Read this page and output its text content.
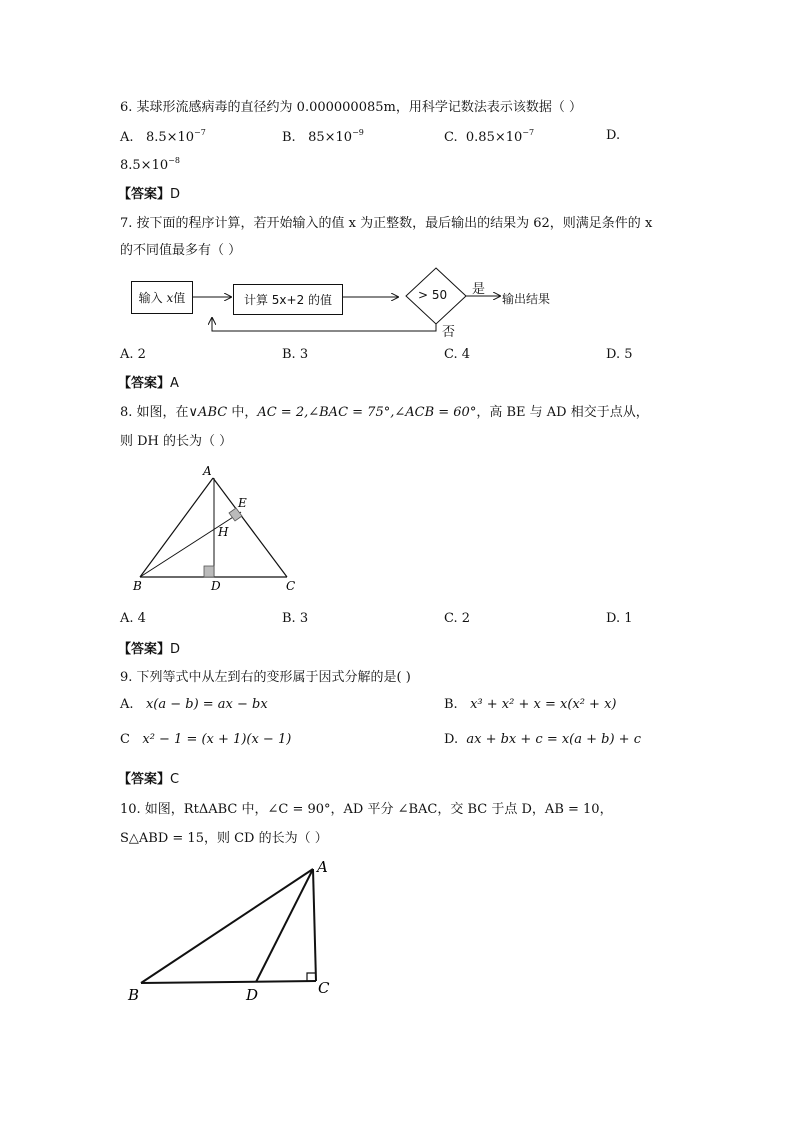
6. 某球形流感病毒的直径约为 0.000000085m，用科学记数法表示该数据（ ）
A. $8.5\times 10^{-7}$	B. $85\times 10^{-9}$	C. $0.85\times 10^{-7}$	D.
$8.5\times 10^{-8}$
【答案】D
7. 按下面的程序计算，若开始输入的值 x 为正整数，最后输出的结果为 62，则满足条件的 x
的不同值最多有（ ）
输入
x 值	计算 5x+2 的值	> 50 是
输出结果
否
A. 2	B. 3	C. 4	D. 5
【答案】A
8. 如图，在∨ABC 中，AC = 2,∠BAC = 75°,∠ACB = 60°，高 BE 与 AD 相交于点从，
则 DH 的长为（ ）
A
E
H
B	D	C
A. 4	B. 3	C. 2	D. 1
【答案】D
9. 下列等式中从左到右的变形属于因式分解的是( )
A. x(a − b) = ax − bx	B. x³ + x² + x = x(x² + x)
C x² − 1 = (x + 1)(x − 1)	D. ax + bx + c = x(a + b) + c
【答案】C
10. 如图，RtΔABC 中，∠C = 90°，AD 平分 ∠BAC，交 BC 于点 D，AB = 10，
S△ABD = 15，则 CD 的长为（ ）
A
B	D	C
